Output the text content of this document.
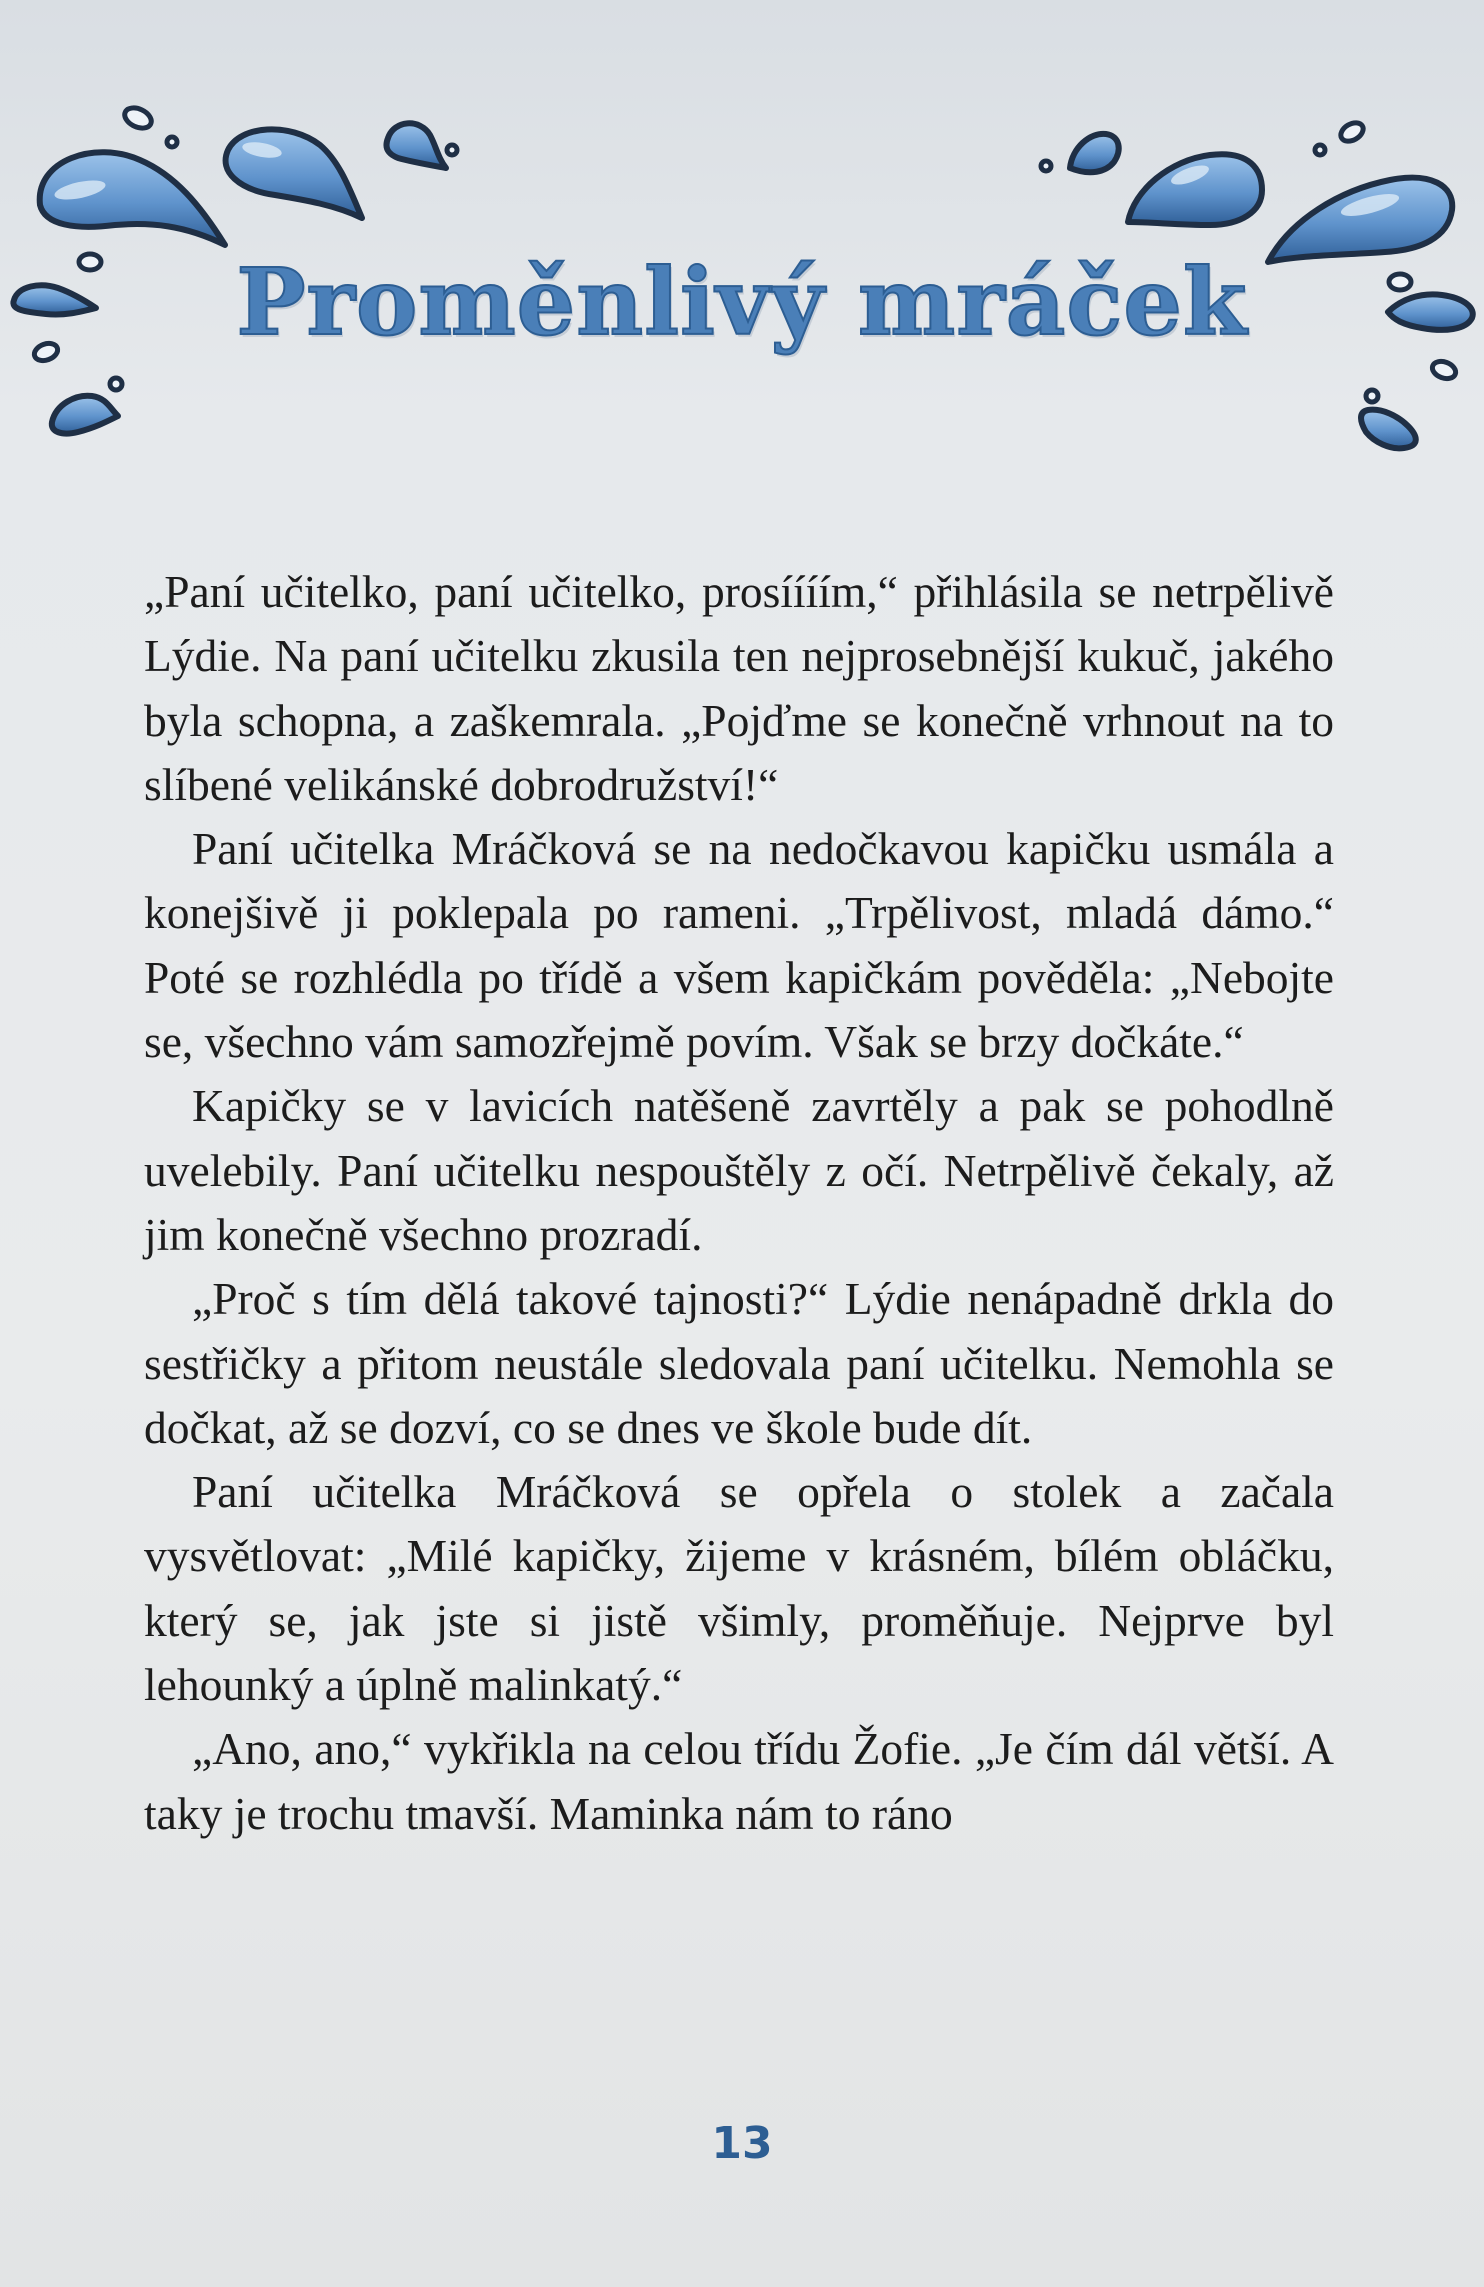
Proměnlivý mráček

„Paní učitelko, paní učitelko, prosíííím,“ přihlásila se netrpělivě Lýdie. Na paní učitelku zkusila ten nejprosebnější kukuč, jakého byla schopna, a zaškemrala. „Pojďme se konečně vrhnout na to slíbené velikánské dobrodružství!“

Paní učitelka Mráčková se na nedočkavou kapičku usmála a konejšivě ji poklepala po rameni. „Trpělivost, mladá dámo.“ Poté se rozhlédla po třídě a všem kapičkám pověděla: „Nebojte se, všechno vám samozřejmě povím. Však se brzy dočkáte.“

Kapičky se v lavicích natěšeně zavrtěly a pak se pohodlně uvelebily. Paní učitelku nespouštěly z očí. Netrpělivě čekaly, až jim konečně všechno prozradí.

„Proč s tím dělá takové tajnosti?“ Lýdie nenápadně drkla do sestřičky a přitom neustále sledovala paní učitelku. Nemohla se dočkat, až se dozví, co se dnes ve škole bude dít.

Paní učitelka Mráčková se opřela o stolek a začala vysvětlovat: „Milé kapičky, žijeme v krásném, bílém obláčku, který se, jak jste si jistě všimly, proměňuje. Nejprve byl lehounký a úplně malinkatý.“

„Ano, ano,“ vykřikla na celou třídu Žofie. „Je čím dál větší. A taky je trochu tmavší. Maminka nám to ráno

13
